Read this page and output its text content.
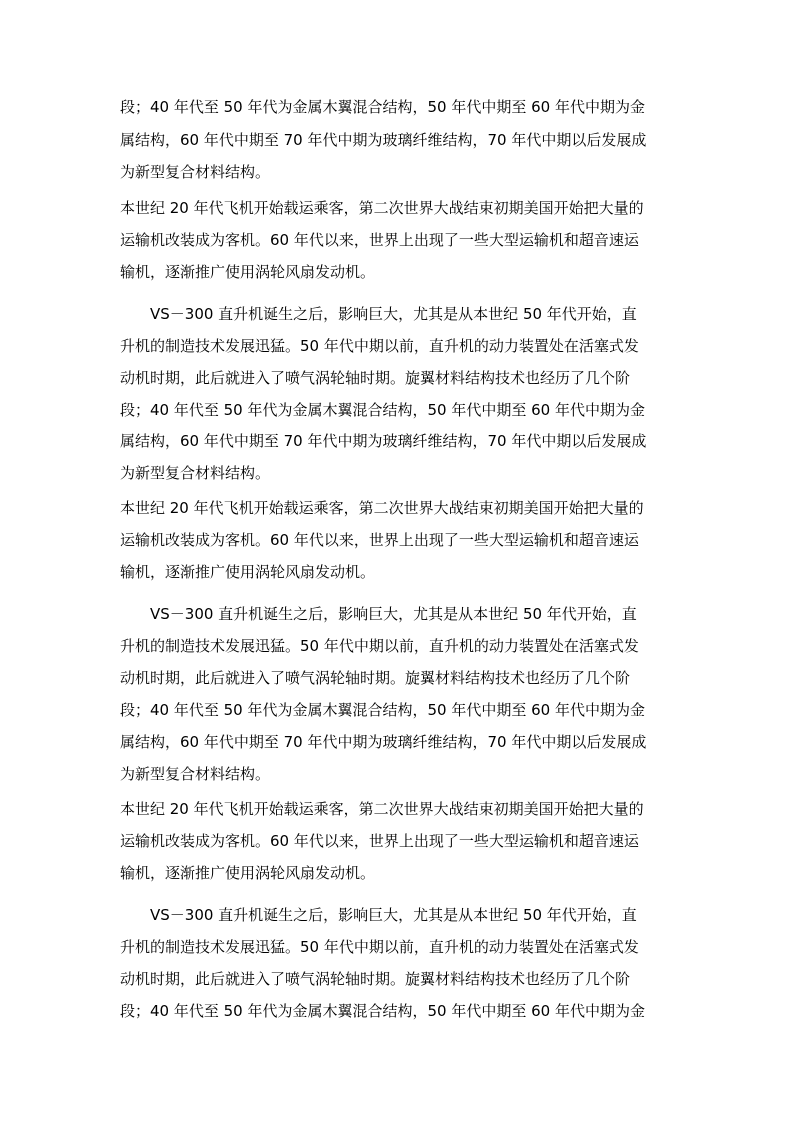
段；40 年代至 50 年代为金属木翼混合结构，50 年代中期至 60 年代中期为金
属结构，60 年代中期至 70 年代中期为玻璃纤维结构，70 年代中期以后发展成
为新型复合材料结构。
本世纪 20 年代飞机开始载运乘客，第二次世界大战结束初期美国开始把大量的
运输机改装成为客机。60 年代以来，世界上出现了一些大型运输机和超音速运
输机，逐渐推广使用涡轮风扇发动机。
VS－300 直升机诞生之后，影响巨大，尤其是从本世纪 50 年代开始，直
升机的制造技术发展迅猛。50 年代中期以前，直升机的动力装置处在活塞式发
动机时期，此后就进入了喷气涡轮轴时期。旋翼材料结构技术也经历了几个阶
段；40 年代至 50 年代为金属木翼混合结构，50 年代中期至 60 年代中期为金
属结构，60 年代中期至 70 年代中期为玻璃纤维结构，70 年代中期以后发展成
为新型复合材料结构。
本世纪 20 年代飞机开始载运乘客，第二次世界大战结束初期美国开始把大量的
运输机改装成为客机。60 年代以来，世界上出现了一些大型运输机和超音速运
输机，逐渐推广使用涡轮风扇发动机。
VS－300 直升机诞生之后，影响巨大，尤其是从本世纪 50 年代开始，直
升机的制造技术发展迅猛。50 年代中期以前，直升机的动力装置处在活塞式发
动机时期，此后就进入了喷气涡轮轴时期。旋翼材料结构技术也经历了几个阶
段；40 年代至 50 年代为金属木翼混合结构，50 年代中期至 60 年代中期为金
属结构，60 年代中期至 70 年代中期为玻璃纤维结构，70 年代中期以后发展成
为新型复合材料结构。
本世纪 20 年代飞机开始载运乘客，第二次世界大战结束初期美国开始把大量的
运输机改装成为客机。60 年代以来，世界上出现了一些大型运输机和超音速运
输机，逐渐推广使用涡轮风扇发动机。
VS－300 直升机诞生之后，影响巨大，尤其是从本世纪 50 年代开始，直
升机的制造技术发展迅猛。50 年代中期以前，直升机的动力装置处在活塞式发
动机时期，此后就进入了喷气涡轮轴时期。旋翼材料结构技术也经历了几个阶
段；40 年代至 50 年代为金属木翼混合结构，50 年代中期至 60 年代中期为金
